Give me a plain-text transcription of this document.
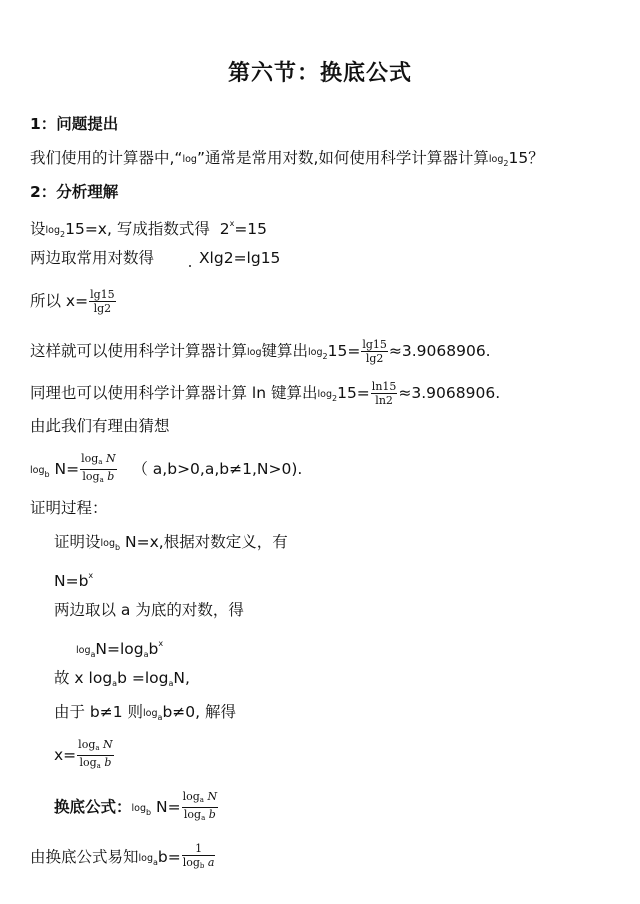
第六节：换底公式
1：问题提出
我们使用的计算器中,“log”通常是常用对数,如何使用科学计算器计算$\log_215$？
2：分析理解
设$\log_215=x$, 写成指数式得  $2^x=15$
两边取常用对数得	Xlg2=lg15
所以 $x= \frac{\lg 15}{\lg 2}$
这样就可以使用科学计算器计算log键算出$\log_215= \frac{\lg 15}{\lg 2} \approx 3.9068906$.
同理也可以使用科学计算器计算 ln 键算出$\log_215= \frac{\ln 15}{\ln 2} \approx 3.9068906$.
由此我们有理由猜想
$\log_b N= \frac{\text{loga N}}{\text{loga b}}$ （ a,b>0,a,b≠1,N>0).
证明过程：
证明设$\log_b N=x$,根据对数定义，有
$N=b^x$
两边取以 a 为底的对数，得
$\log_aN=\log_ab^x$
故 x $\log_ab =\log_aN$,
由于 b≠1 则$\log_ab\ne 0$, 解得
$x= \frac{\text{loga N}}{\text{loga b}}$
换底公式：$\log_b N= \frac{\text{loga N}}{\text{loga b}}$
由换底公式易知$\log_ab= \frac{1}{\text{logb a}}$
